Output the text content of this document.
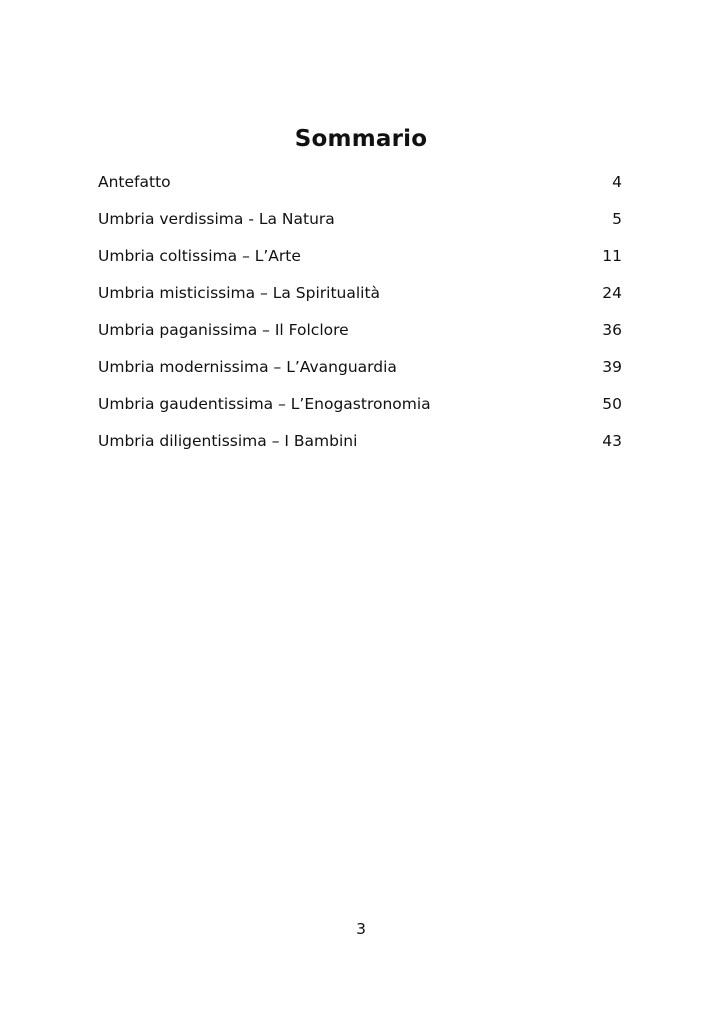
Sommario
Antefatto	4
Umbria verdissima - La Natura	5
Umbria coltissima – L’Arte	11
Umbria misticissima – La Spiritualità	24
Umbria paganissima – Il Folclore	36
Umbria modernissima – L’Avanguardia	39
Umbria gaudentissima – L’Enogastronomia	50
Umbria diligentissima – I Bambini	43
3
